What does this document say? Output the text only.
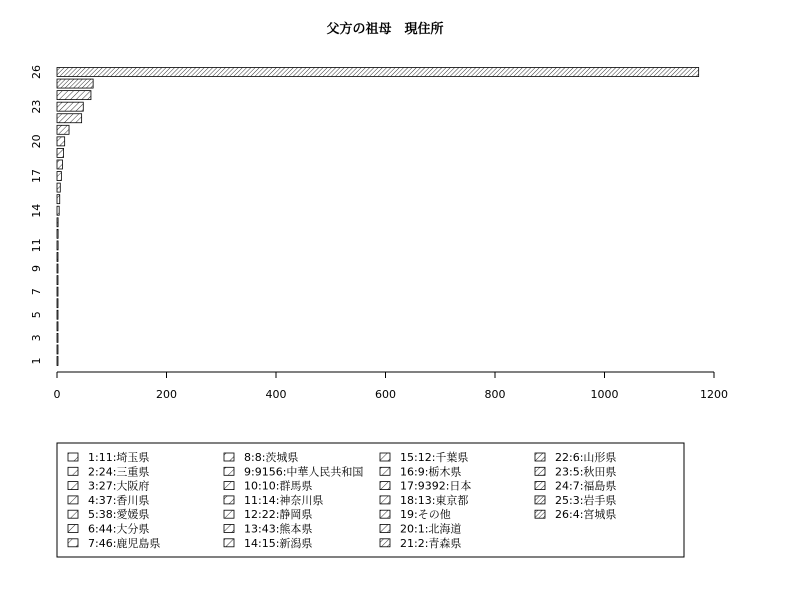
父方の祖母　現住所
0	200	400	600	800	1000	1200
1
3
5
7
9
11
14
17
20
23
26
1:11:埼玉県
2:24:三重県
3:27:大阪府
4:37:香川県
5:38:愛媛県
6:44:大分県
7:46:鹿児島県
8:8:茨城県
9:9156:中華人民共和国
10:10:群馬県
11:14:神奈川県
12:22:静岡県
13:43:熊本県
14:15:新潟県
15:12:千葉県
16:9:栃木県
17:9392:日本
18:13:東京都
19:その他
20:1:北海道
21:2:青森県
22:6:山形県
23:5:秋田県
24:7:福島県
25:3:岩手県
26:4:宮城県
